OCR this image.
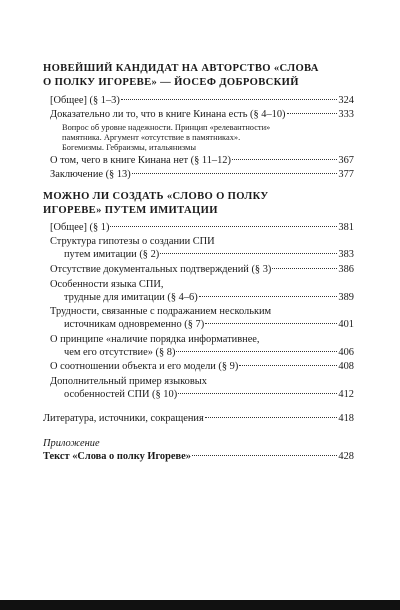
НОВЕЙШИЙ КАНДИДАТ НА АВТОРСТВО «СЛОВА
О ПОЛКУ ИГОРЕВЕ» — ЙОСЕФ ДОБРОВСКИЙ
[Общее] (§ 1–3)	324
Доказательно ли то, что в книге Кинана есть (§ 4–10)	333
Вопрос об уровне надежности. Принцип «релевантности»
памятника. Аргумент «отсутствие в памятниках».
Богемизмы. Гебраизмы, итальянизмы
О том, чего в книге Кинана нет (§ 11–12)	367
Заключение (§ 13)	377
МОЖНО ЛИ СОЗДАТЬ «СЛОВО О ПОЛКУ
ИГОРЕВЕ» ПУТЕМ ИМИТАЦИИ
[Общее] (§ 1)	381
Структура гипотезы о создании СПИ
путем имитации (§ 2)	383
Отсутствие документальных подтверждений (§ 3)	386
Особенности языка СПИ,
трудные для имитации (§ 4–6)	389
Трудности, связанные с подражанием нескольким
источникам одновременно (§ 7)	401
О принципе «наличие порядка информативнее,
чем его отсутствие» (§ 8)	406
О соотношении объекта и его модели (§ 9)	408
Дополнительный пример языковых
особенностей СПИ (§ 10)	412
Литература, источники, сокращения	418
Приложение
Текст «Слова о полку Игореве»	428
